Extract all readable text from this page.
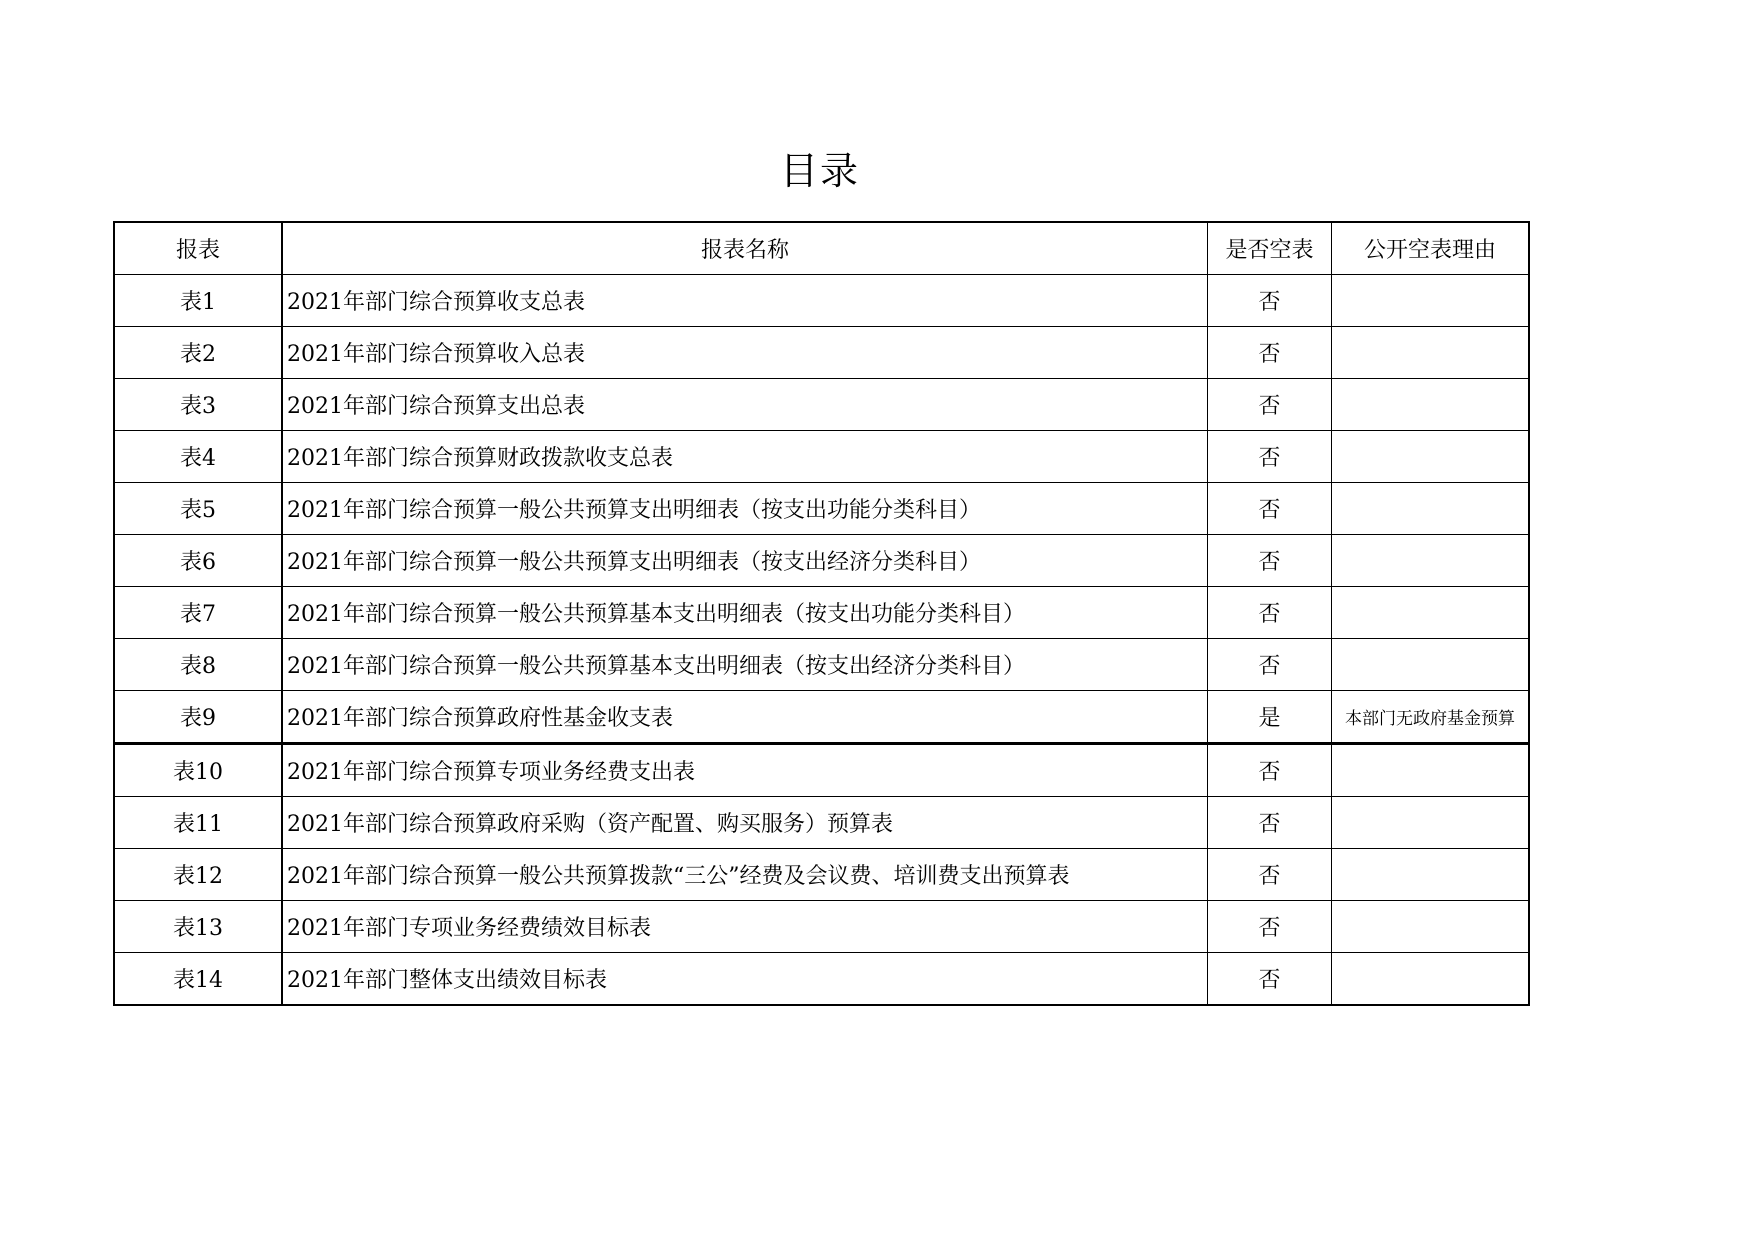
目录
报表	报表名称	是否空表	公开空表理由
表1	2021年部门综合预算收支总表	否	
表2	2021年部门综合预算收入总表	否	
表3	2021年部门综合预算支出总表	否	
表4	2021年部门综合预算财政拨款收支总表	否	
表5	2021年部门综合预算一般公共预算支出明细表（按支出功能分类科目）	否	
表6	2021年部门综合预算一般公共预算支出明细表（按支出经济分类科目）	否	
表7	2021年部门综合预算一般公共预算基本支出明细表（按支出功能分类科目）	否	
表8	2021年部门综合预算一般公共预算基本支出明细表（按支出经济分类科目）	否	
表9	2021年部门综合预算政府性基金收支表	是	本部门无政府基金预算
表10	2021年部门综合预算专项业务经费支出表	否	
表11	2021年部门综合预算政府采购（资产配置、购买服务）预算表	否	
表12	2021年部门综合预算一般公共预算拨款“三公”经费及会议费、培训费支出预算表	否	
表13	2021年部门专项业务经费绩效目标表	否	
表14	2021年部门整体支出绩效目标表	否	
